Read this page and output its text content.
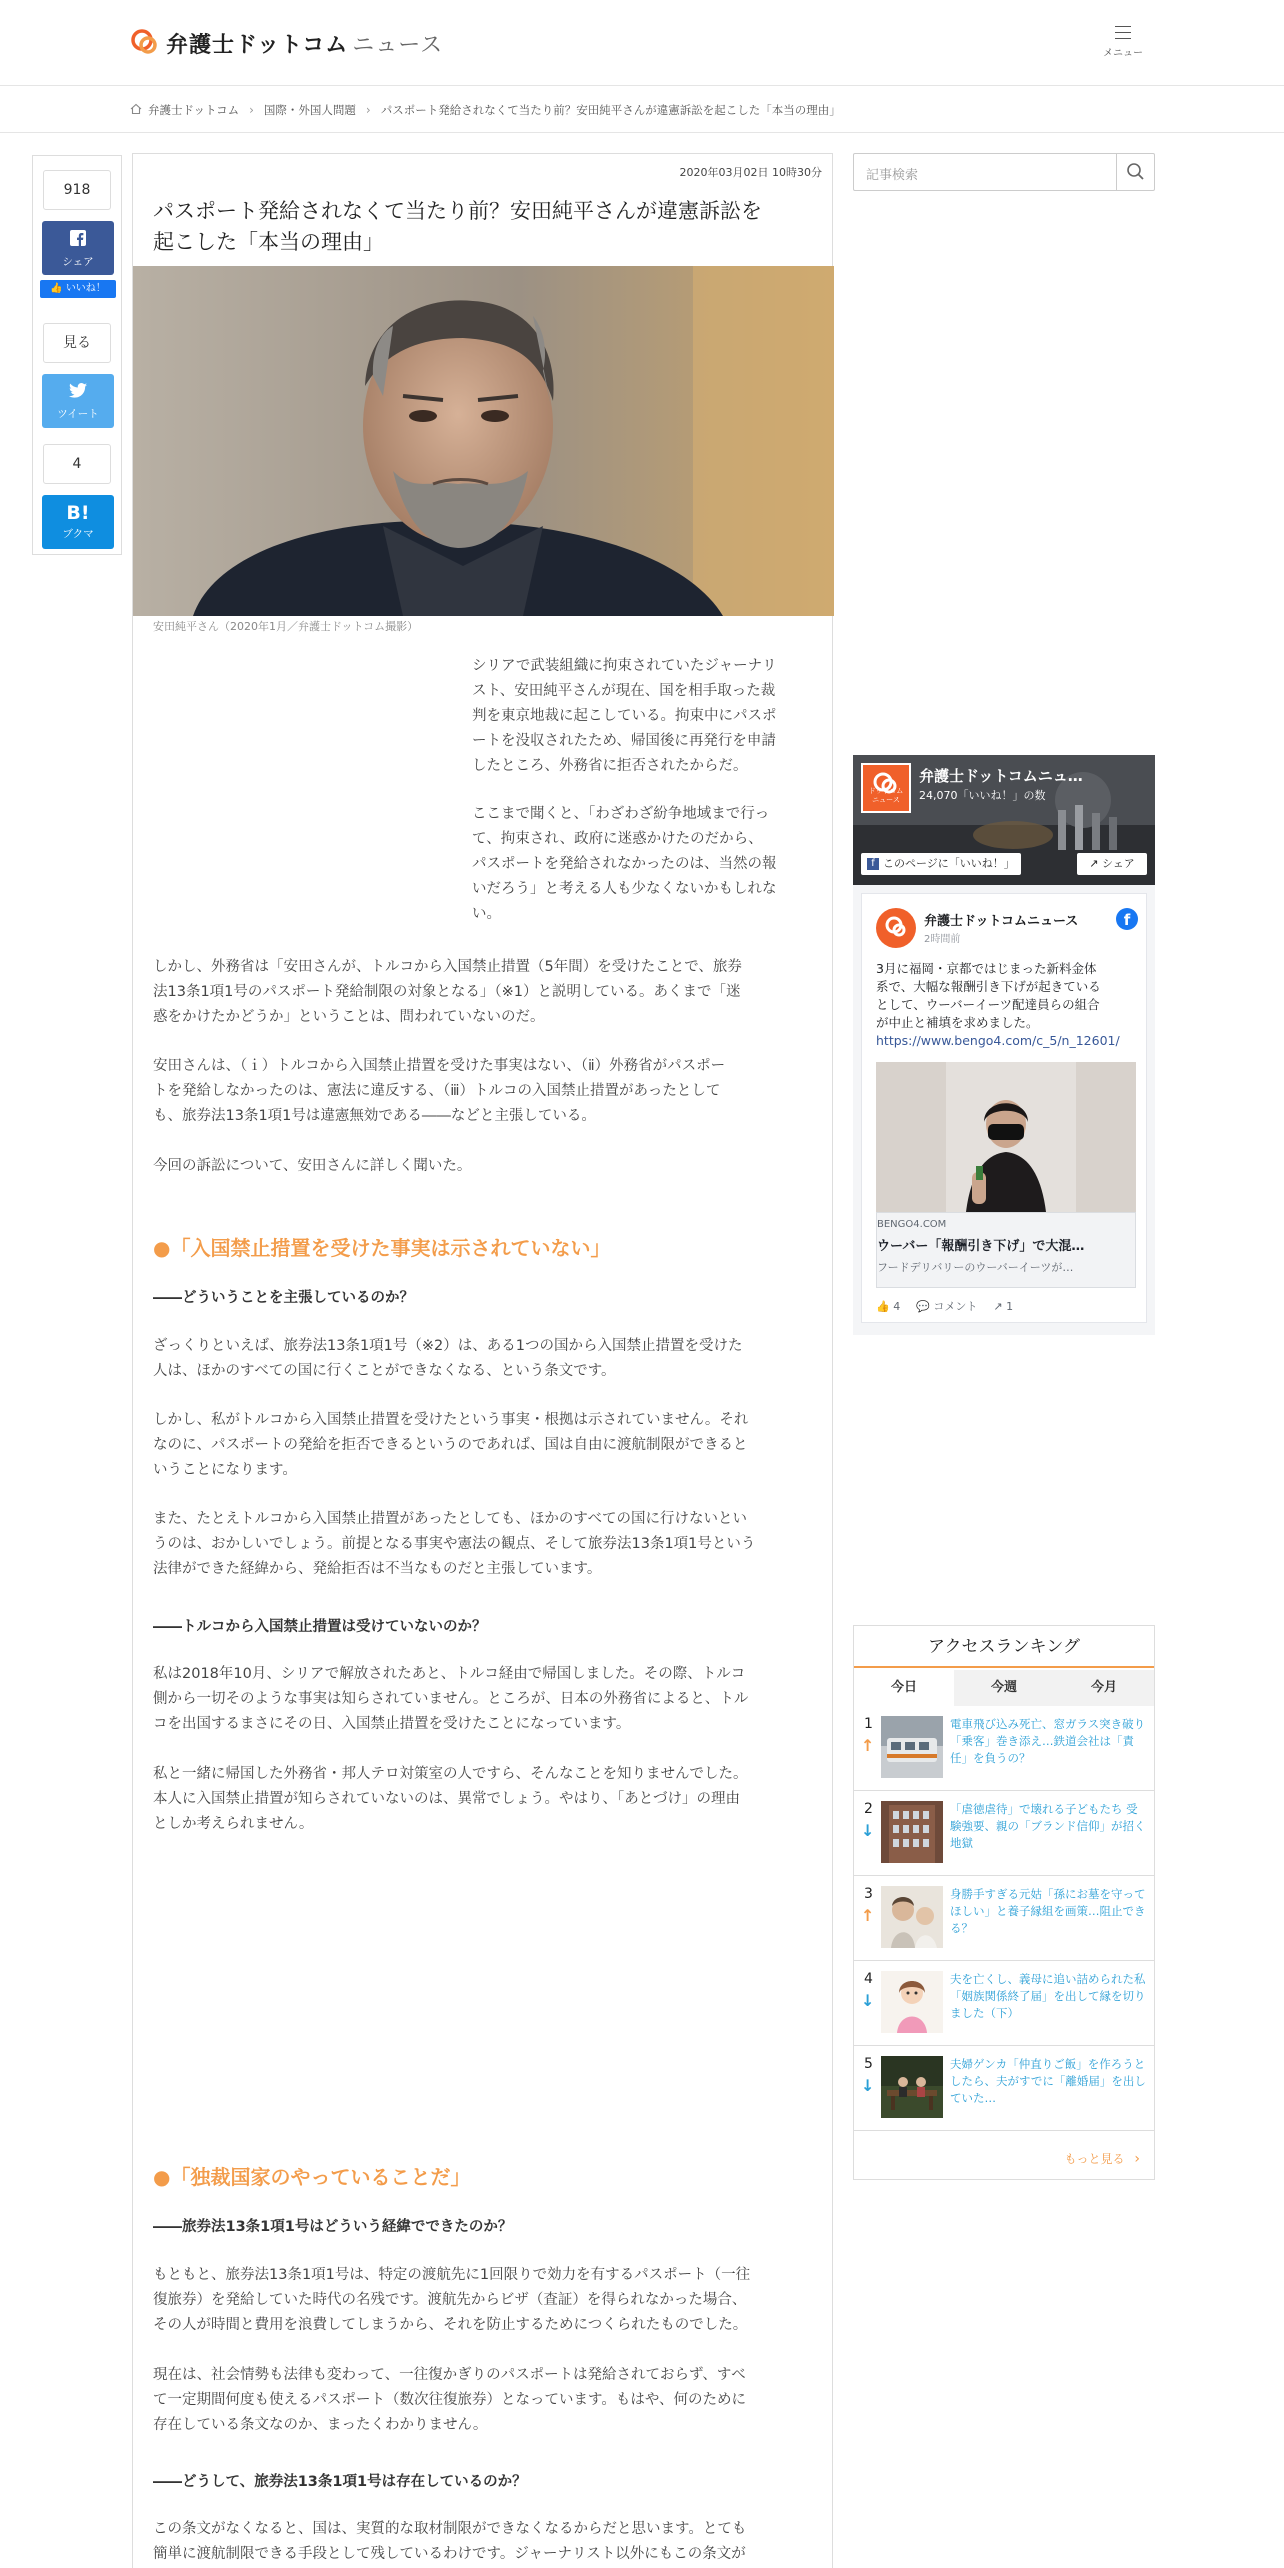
弁護士ドットコム ニュース	メニュー
弁護士ドットコム › 国際・外国人問題 › パスポート発給されなくて当たり前？安田純平さんが違憲訴訟を起こした「本当の理由」
918
シェア
👍 いいね！
見る
ツイート
4
B!
ブクマ
2020年03月02日 10時30分
パスポート発給されなくて当たり前？安田純平さんが違憲訴訟を
起こした「本当の理由」
安田純平さん（2020年1月／弁護士ドットコム撮影）
シリアで武装組織に拘束されていたジャーナリ
スト、安田純平さんが現在、国を相手取った裁
判を東京地裁に起こしている。拘束中にパスポ
ートを没収されたため、帰国後に再発行を申請
したところ、外務省に拒否されたからだ。
ここまで聞くと、「わざわざ紛争地域まで行っ
て、拘束され、政府に迷惑かけたのだから、
パスポートを発給されなかったのは、当然の報
いだろう」と考える人も少なくないかもしれな
い。
しかし、外務省は「安田さんが、トルコから入国禁止措置（5年間）を受けたことで、旅券
法13条1項1号のパスポート発給制限の対象となる」（※1）と説明している。あくまで「迷
惑をかけたかどうか」ということは、問われていないのだ。
安田さんは、（ｉ）トルコから入国禁止措置を受けた事実はない、（ⅱ）外務省がパスポー
トを発給しなかったのは、憲法に違反する、（ⅲ）トルコの入国禁止措置があったとして
も、旅券法13条1項1号は違憲無効である――などと主張している。
今回の訴訟について、安田さんに詳しく聞いた。
●「入国禁止措置を受けた事実は示されていない」
――どういうことを主張しているのか？
ざっくりといえば、旅券法13条1項1号（※2）は、ある1つの国から入国禁止措置を受けた
人は、ほかのすべての国に行くことができなくなる、という条文です。
しかし、私がトルコから入国禁止措置を受けたという事実・根拠は示されていません。それ
なのに、パスポートの発給を拒否できるというのであれば、国は自由に渡航制限ができると
いうことになります。
また、たとえトルコから入国禁止措置があったとしても、ほかのすべての国に行けないとい
うのは、おかしいでしょう。前提となる事実や憲法の観点、そして旅券法13条1項1号という
法律ができた経緯から、発給拒否は不当なものだと主張しています。
――トルコから入国禁止措置は受けていないのか？
私は2018年10月、シリアで解放されたあと、トルコ経由で帰国しました。その際、トルコ
側から一切そのような事実は知らされていません。ところが、日本の外務省によると、トル
コを出国するまさにその日、入国禁止措置を受けたことになっています。
私と一緒に帰国した外務省・邦人テロ対策室の人ですら、そんなことを知りませんでした。
本人に入国禁止措置が知らされていないのは、異常でしょう。やはり、「あとづけ」の理由
としか考えられません。
●「独裁国家のやっていることだ」
――旅券法13条1項1号はどういう経緯でできたのか？
もともと、旅券法13条1項1号は、特定の渡航先に1回限りで効力を有するパスポート（一往
復旅券）を発給していた時代の名残です。渡航先からビザ（査証）を得られなかった場合、
その人が時間と費用を浪費してしまうから、それを防止するためにつくられたものでした。
現在は、社会情勢も法律も変わって、一往復かぎりのパスポートは発給されておらず、すべ
て一定期間何度も使えるパスポート（数次往復旅券）となっています。もはや、何のために
存在している条文なのか、まったくわかりません。
――どうして、旅券法13条1項1号は存在しているのか？
この条文がなくなると、国は、実質的な取材制限ができなくなるからだと思います。とても
簡単に渡航制限できる手段として残しているわけです。ジャーナリスト以外にもこの条文が
記事検索
ドットコム
ニュース
弁護士ドットコムニュ…
24,070「いいね！」の数
f このページに「いいね！」	↗ シェア
弁護士ドットコムニュース
2時間前
f
3月に福岡・京都ではじまった新料金体
系で、大幅な報酬引き下げが起きている
として、ウーバーイーツ配達員らの組合
が中止と補填を求めました。
https://www.bengo4.com/c_5/n_12601/
BENGO4.COM
ウーバー「報酬引き下げ」で大混…
フードデリバリーのウーバーイーツが…
👍 4 💬 コメント ↗ 1
アクセスランキング
今日	今週	今月
1
↑
電車飛び込み死亡、窓ガラス突き破り「乗客」巻き添え…鉄道会社は「責任」を負うの？
2
↓
「虐徳虐待」で壊れる子どもたち 受験強要、親の「ブランド信仰」が招く地獄
3
↑
身勝手すぎる元姑「孫にお墓を守ってほしい」と養子縁組を画策…阻止できる？
4
↓
夫を亡くし、義母に追い詰められた私 「姻族関係終了届」を出して縁を切りました（下）
5
↓
夫婦ゲンカ「仲直りご飯」を作ろうとしたら、夫がすでに「離婚届」を出していた…
もっと見る ›
